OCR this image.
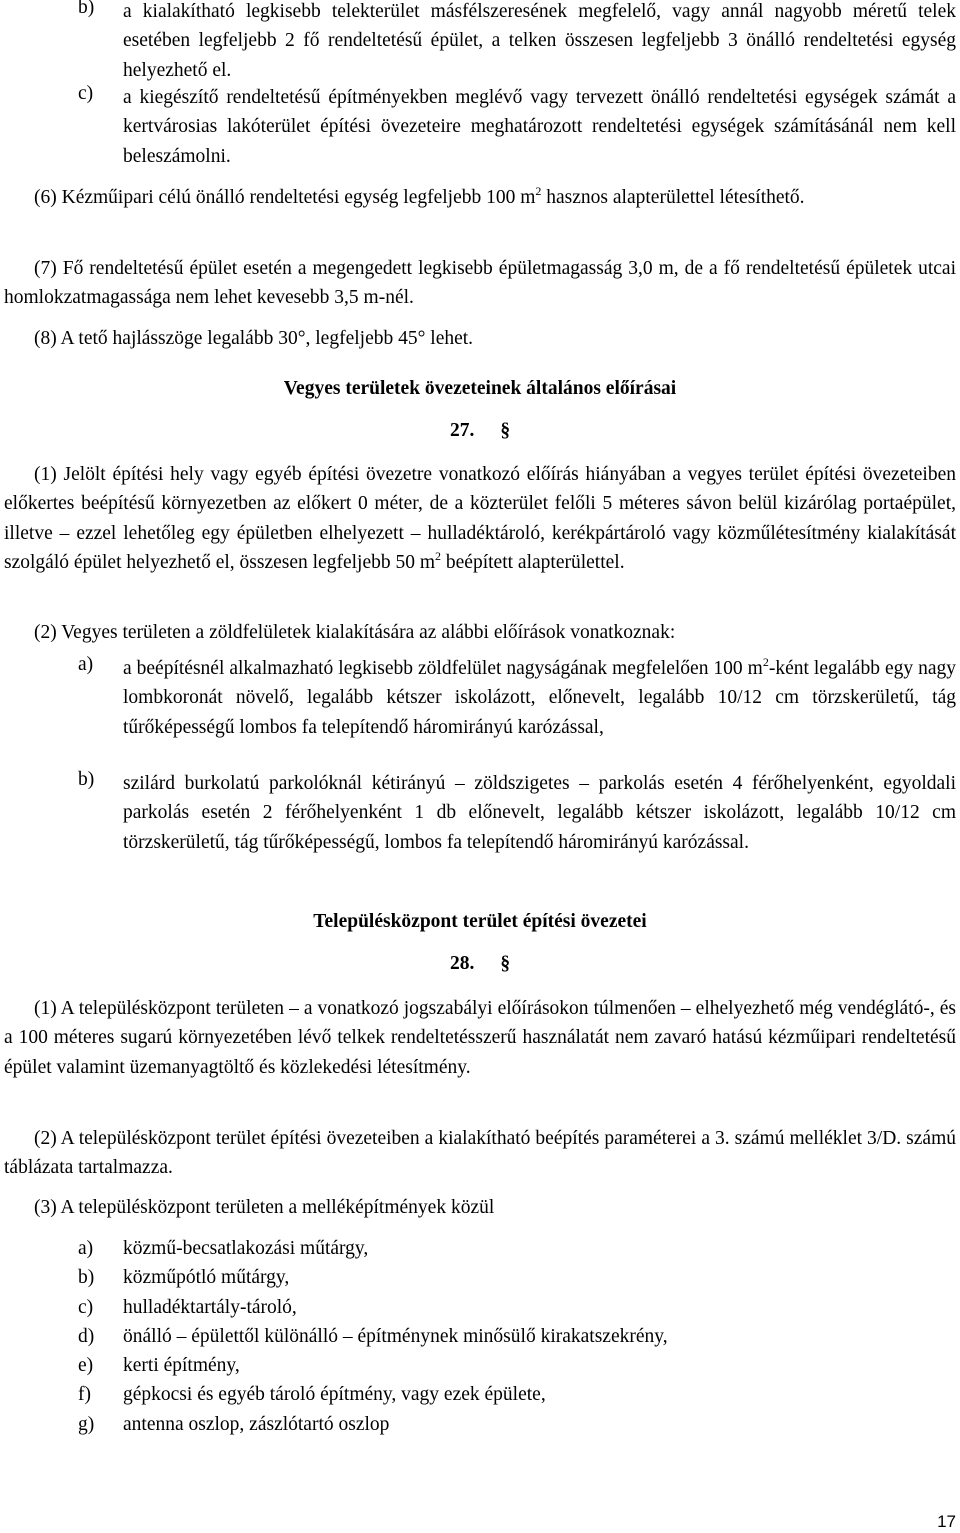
b) a kialakítható legkisebb telekterület másfélszeresének megfelelő, vagy annál nagyobb méretű telek esetében legfeljebb 2 fő rendeltetésű épület, a telken összesen legfeljebb 3 önálló rendeltetési egység helyezhető el.
c) a kiegészítő rendeltetésű építményekben meglévő vagy tervezett önálló rendeltetési egységek számát a kertvárosias lakóterület építési övezeteire meghatározott rendeltetési egységek számításánál nem kell beleszámolni.
(6) Kézműipari célú önálló rendeltetési egység legfeljebb 100 $m^2$ hasznos alapterülettel létesíthető.
(7) Fő rendeltetésű épület esetén a megengedett legkisebb épületmagasság 3,0 m, de a fő rendeltetésű épületek utcai homlokzatmagassága nem lehet kevesebb 3,5 m-nél.
(8) A tető hajlásszöge legalább 30°, legfeljebb 45° lehet.
Vegyes területek övezeteinek általános előírásai
27. §
(1) Jelölt építési hely vagy egyéb építési övezetre vonatkozó előírás hiányában a vegyes terület építési övezeteiben előkertes beépítésű környezetben az előkert 0 méter, de a közterület felőli 5 méteres sávon belül kizárólag portaépület, illetve – ezzel lehetőleg egy épületben elhelyezett – hulladéktároló, kerékpártároló vagy közműlétesítmény kialakítását szolgáló épület helyezhető el, összesen legfeljebb 50 $m^2$ beépített alapterülettel.
(2) Vegyes területen a zöldfelületek kialakítására az alábbi előírások vonatkoznak:
a) a beépítésnél alkalmazható legkisebb zöldfelület nagyságának megfelelően 100 $m^2$-ként legalább egy nagy lombkoronát növelő, legalább kétszer iskolázott, előnevelt, legalább 10/12 cm törzskerületű, tág tűrőképességű lombos fa telepítendő háromirányú karózással,
b) szilárd burkolatú parkolóknál kétirányú – zöldszigetes – parkolás esetén 4 férőhelyenként, egyoldali parkolás esetén 2 férőhelyenként 1 db előnevelt, legalább kétszer iskolázott, legalább 10/12 cm törzskerületű, tág tűrőképességű, lombos fa telepítendő háromirányú karózással.
Településközpont terület építési övezetei
28. §
(1) A településközpont területen – a vonatkozó jogszabályi előírásokon túlmenően – elhelyezhető még vendéglátó-, és a 100 méteres sugarú környezetében lévő telkek rendeltetésszerű használatát nem zavaró hatású kézműipari rendeltetésű épület valamint üzemanyagtöltő és közlekedési létesítmény.
(2) A településközpont terület építési övezeteiben a kialakítható beépítés paraméterei a 3. számú melléklet 3/D. számú táblázata tartalmazza.
(3) A településközpont területen a melléképítmények közül
a) közmű-becsatlakozási műtárgy,
b) közműpótló műtárgy,
c) hulladéktartály-tároló,
d) önálló – épülettől különálló – építménynek minősülő kirakatszekrény,
e) kerti építmény,
f) gépkocsi és egyéb tároló építmény, vagy ezek épülete,
g) antenna oszlop, zászlótartó oszlop
17
